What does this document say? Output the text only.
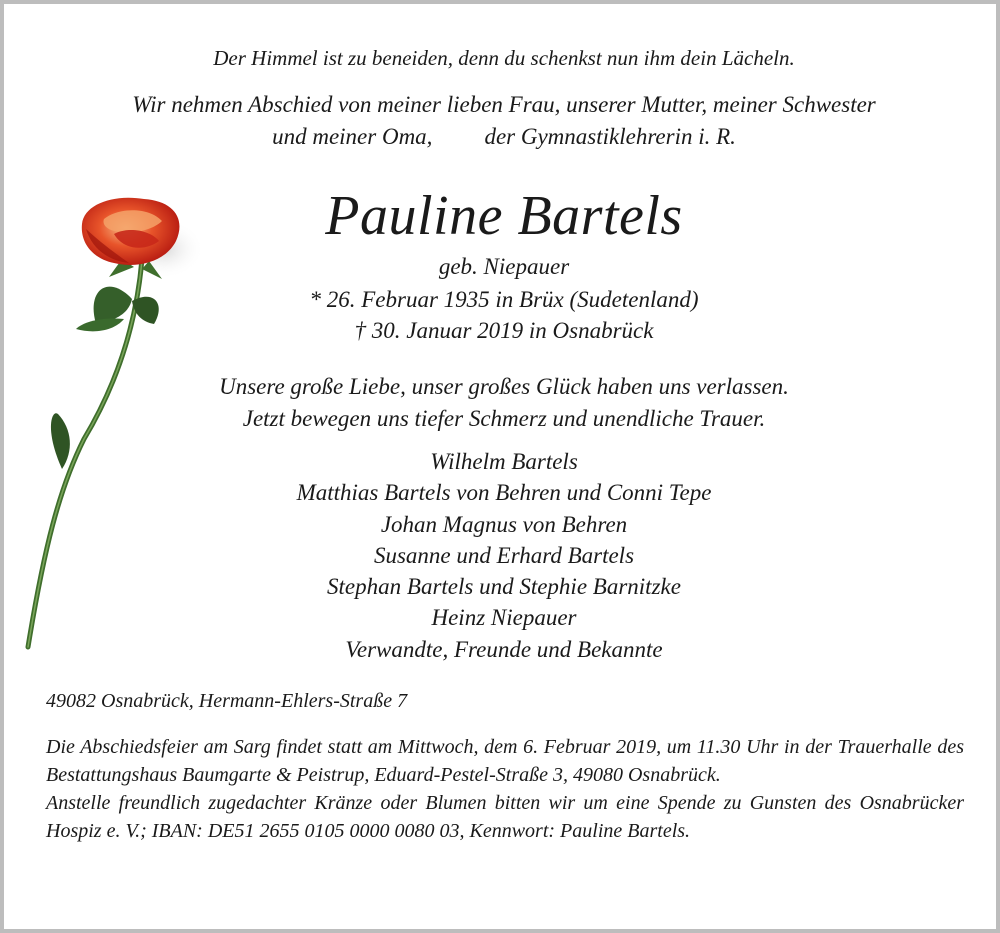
Der Himmel ist zu beneiden, denn du schenkst nun ihm dein Lächeln.
Wir nehmen Abschied von meiner lieben Frau, unserer Mutter, meiner Schwester
und meiner Oma, der Gymnastiklehrerin i. R.
Pauline Bartels
geb. Niepauer
* 26. Februar 1935 in Brüx (Sudetenland)
† 30. Januar 2019 in Osnabrück
Unsere große Liebe, unser großes Glück haben uns verlassen.
Jetzt bewegen uns tiefer Schmerz und unendliche Trauer.
Wilhelm Bartels
Matthias Bartels von Behren und Conni Tepe
Johan Magnus von Behren
Susanne und Erhard Bartels
Stephan Bartels und Stephie Barnitzke
Heinz Niepauer
Verwandte, Freunde und Bekannte
49082 Osnabrück, Hermann-Ehlers-Straße 7

Die Abschiedsfeier am Sarg findet statt am Mittwoch, dem 6. Februar 2019, um 11.30 Uhr in der Trauerhalle des Bestattungshaus Baumgarte & Peistrup, Eduard-Pestel-Straße 3, 49080 Osnabrück.

Anstelle freundlich zugedachter Kränze oder Blumen bitten wir um eine Spende zu Gunsten des Osnabrücker Hospiz e. V.; IBAN: DE51 2655 0105 0000 0080 03, Kennwort: Pauline Bartels.
